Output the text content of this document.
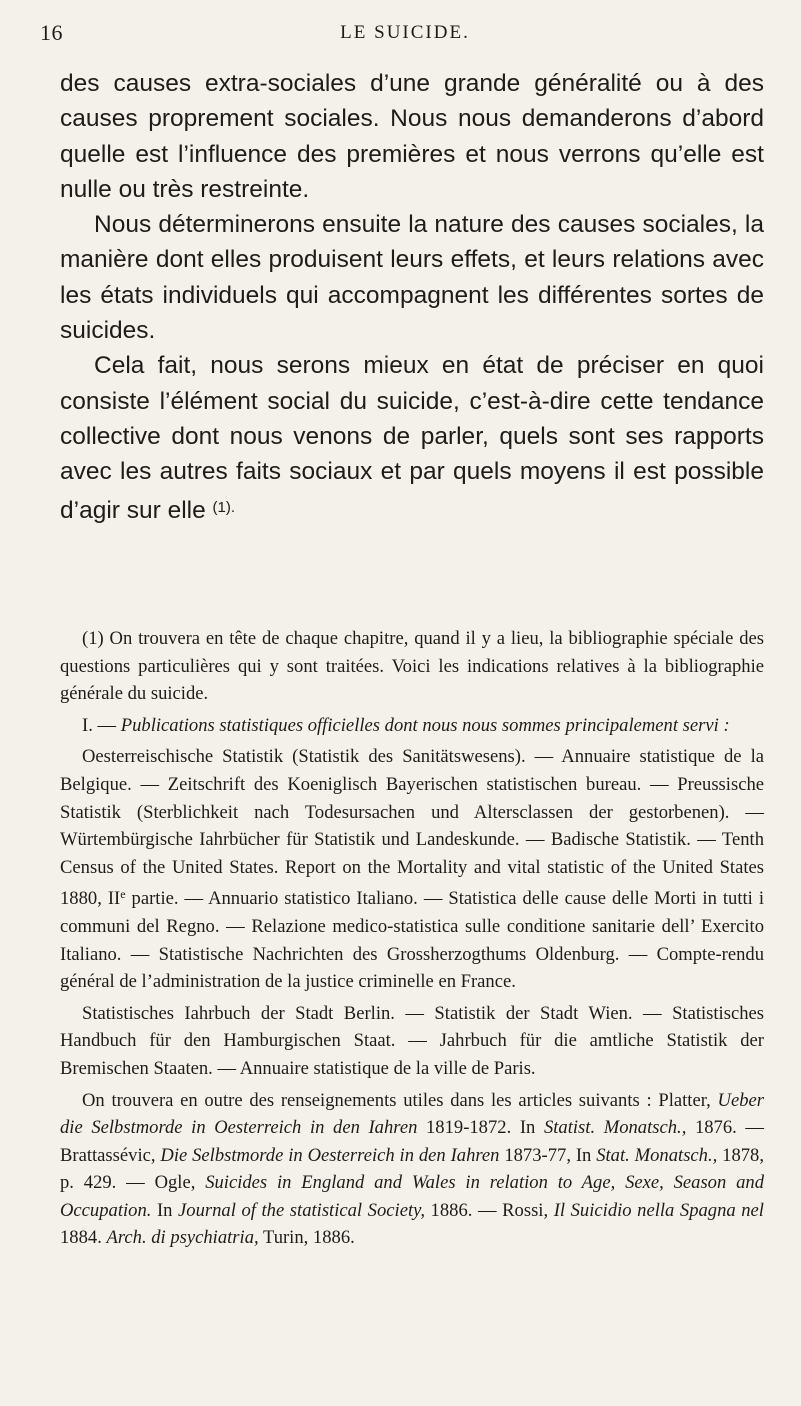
16	LE SUICIDE.

des causes extra-sociales d’une grande généralité ou à des causes proprement sociales. Nous nous demanderons d’abord quelle est l’influence des premières et nous verrons qu’elle est nulle ou très restreinte.

Nous déterminerons ensuite la nature des causes sociales, la manière dont elles produisent leurs effets, et leurs relations avec les états individuels qui accompagnent les différentes sortes de suicides.

Cela fait, nous serons mieux en état de préciser en quoi consiste l’élément social du suicide, c’est-à-dire cette tendance collective dont nous venons de parler, quels sont ses rapports avec les autres faits sociaux et par quels moyens il est possible d’agir sur elle $^{(1).}$

(1) On trouvera en tête de chaque chapitre, quand il y a lieu, la bibliographie spéciale des questions particulières qui y sont traitées. Voici les indications relatives à la bibliographie générale du suicide.

I. — Publications statistiques officielles dont nous nous sommes principalement servi :

Oesterreischische Statistik (Statistik des Sanitätswesens). — Annuaire statistique de la Belgique. — Zeitschrift des Koeniglisch Bayerischen statistischen bureau. — Preussische Statistik (Sterblichkeit nach Todesursachen und Altersclassen der gestorbenen). — Würtembürgische Iahrbücher für Statistik und Landeskunde. — Badische Statistik. — Tenth Census of the United States. Report on the Mortality and vital statistic of the United States 1880, IIe partie. — Annuario statistico Italiano. — Statistica delle cause delle Morti in tutti i communi del Regno. — Relazione medico-statistica sulle conditione sanitarie dell’ Exercito Italiano. — Statistische Nachrichten des Grossherzogthums Oldenburg. — Compte-rendu général de l’administration de la justice criminelle en France.

Statistisches Iahrbuch der Stadt Berlin. — Statistik der Stadt Wien. — Statistisches Handbuch für den Hamburgischen Staat. — Jahrbuch für die amtliche Statistik der Bremischen Staaten. — Annuaire statistique de la ville de Paris.

On trouvera en outre des renseignements utiles dans les articles suivants : Platter, Ueber die Selbstmorde in Oesterreich in den Iahren 1819-1872. In Statist. Monatsch., 1876. — Brattassévic, Die Selbstmorde in Oesterreich in den Iahren 1873-77, In Stat. Monatsch., 1878, p. 429. — Ogle, Suicides in England and Wales in relation to Age, Sexe, Season and Occupation. In Journal of the statistical Society, 1886. — Rossi, Il Suicidio nella Spagna nel 1884. Arch. di psychiatria, Turin, 1886.
